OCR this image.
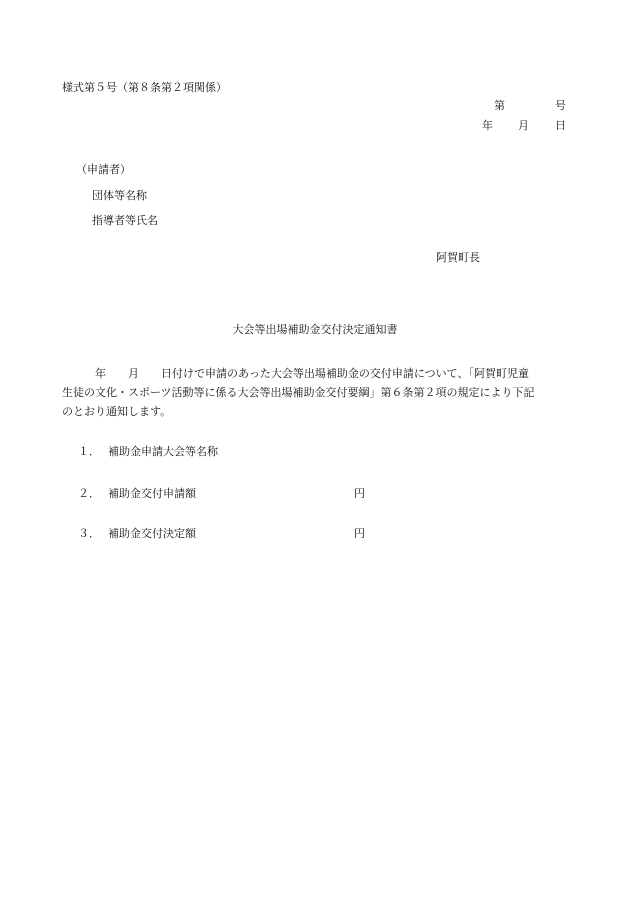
様式第５号（第８条第２項関係）
第	号
年 月 日
（申請者）
団体等名称
指導者等氏名
阿賀町長
大会等出場補助金交付決定通知書
　　　年　　月　　日付けで申請のあった大会等出場補助金の交付申請について、「阿賀町児童
生徒の文化・スポーツ活動等に係る大会等出場補助金交付要綱」第６条第２項の規定により下記
のとおり通知します。
１． 補助金申請大会等名称
２． 補助金交付申請額	円
３． 補助金交付決定額	円
